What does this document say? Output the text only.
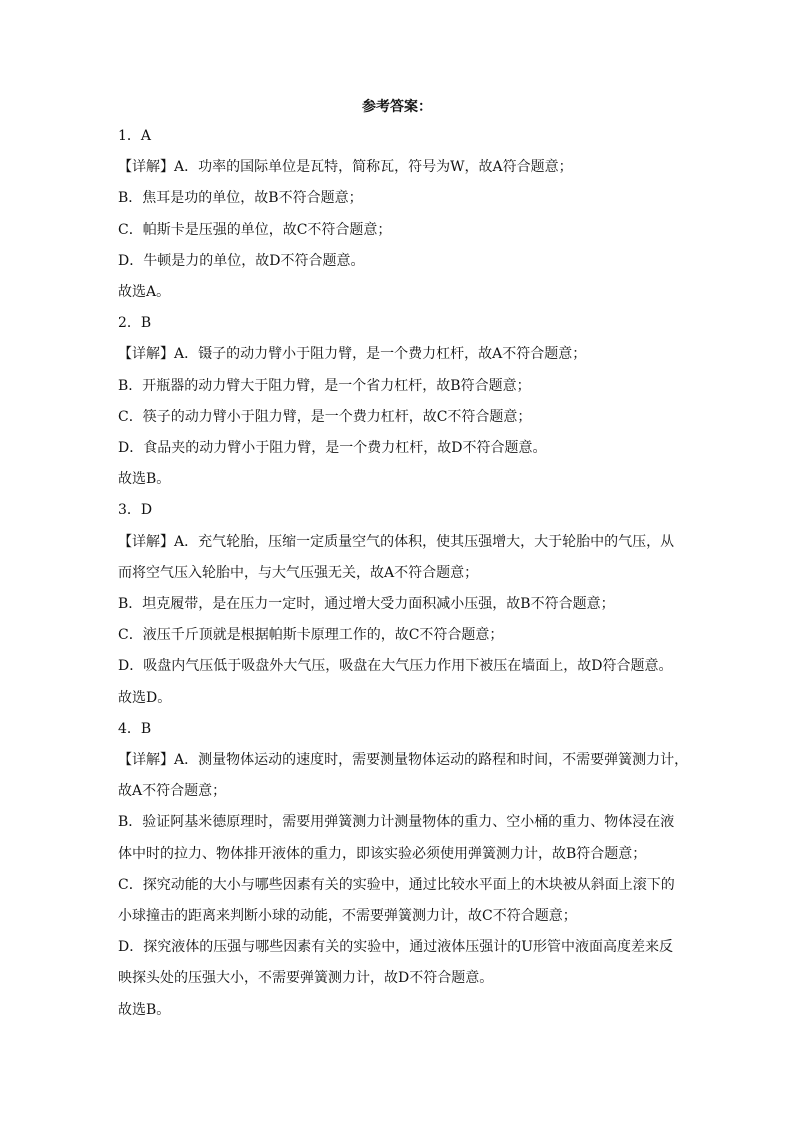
参考答案：
1．A
【详解】A．功率的国际单位是瓦特，简称瓦，符号为W，故A符合题意；
B．焦耳是功的单位，故B不符合题意；
C．帕斯卡是压强的单位，故C不符合题意；
D．牛顿是力的单位，故D不符合题意。
故选A。
2．B
【详解】A．镊子的动力臂小于阻力臂，是一个费力杠杆，故A不符合题意；
B．开瓶器的动力臂大于阻力臂，是一个省力杠杆，故B符合题意；
C．筷子的动力臂小于阻力臂，是一个费力杠杆，故C不符合题意；
D．食品夹的动力臂小于阻力臂，是一个费力杠杆，故D不符合题意。
故选B。
3．D
【详解】A．充气轮胎，压缩一定质量空气的体积，使其压强增大，大于轮胎中的气压，从
而将空气压入轮胎中，与大气压强无关，故A不符合题意；
B．坦克履带，是在压力一定时，通过增大受力面积减小压强，故B不符合题意；
C．液压千斤顶就是根据帕斯卡原理工作的，故C不符合题意；
D．吸盘内气压低于吸盘外大气压，吸盘在大气压力作用下被压在墙面上，故D符合题意。
故选D。
4．B
【详解】A．测量物体运动的速度时，需要测量物体运动的路程和时间，不需要弹簧测力计，
故A不符合题意；
B．验证阿基米德原理时，需要用弹簧测力计测量物体的重力、空小桶的重力、物体浸在液
体中时的拉力、物体排开液体的重力，即该实验必须使用弹簧测力计，故B符合题意；
C．探究动能的大小与哪些因素有关的实验中，通过比较水平面上的木块被从斜面上滚下的
小球撞击的距离来判断小球的动能，不需要弹簧测力计，故C不符合题意；
D．探究液体的压强与哪些因素有关的实验中，通过液体压强计的U形管中液面高度差来反
映探头处的压强大小，不需要弹簧测力计，故D不符合题意。
故选B。
